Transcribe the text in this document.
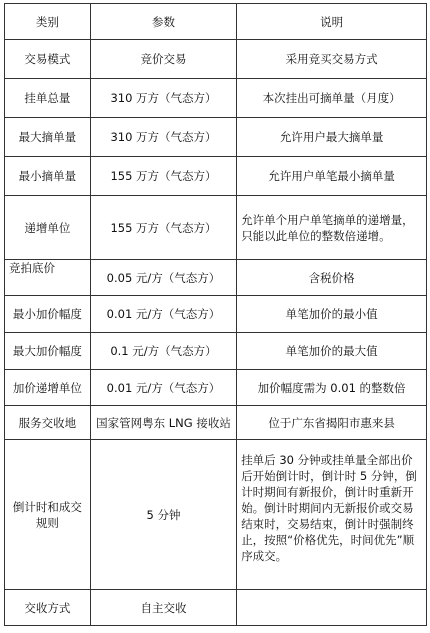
类别	参数	说明
交易模式	竞价交易	采用竞买交易方式
挂单总量	310 万方（气态方）	本次挂出可摘单量（月度）
最大摘单量	310 万方（气态方）	允许用户最大摘单量
最小摘单量	155 万方（气态方）	允许用户单笔最小摘单量
递增单位	155 万方（气态方）	允许单个用户单笔摘单的递增量，只能以此单位的整数倍递增。
竞拍底价	0.05 元/方（气态方）	含税价格
最小加价幅度	0.01 元/方（气态方）	单笔加价的最小值
最大加价幅度	0.1 元/方（气态方）	单笔加价的最大值
加价递增单位	0.01 元/方（气态方）	加价幅度需为 0.01 的整数倍
服务交收地	国家管网粤东 LNG 接收站	位于广东省揭阳市惠来县
倒计时和成交规则	5 分钟	挂单后 30 分钟或挂单量全部出价后开始倒计时，倒计时 5 分钟，倒计时期间有新报价，倒计时重新开始。倒计时期间内无新报价或交易结束时，交易结束，倒计时强制终止，按照“价格优先，时间优先”顺序成交。
交收方式	自主交收	
